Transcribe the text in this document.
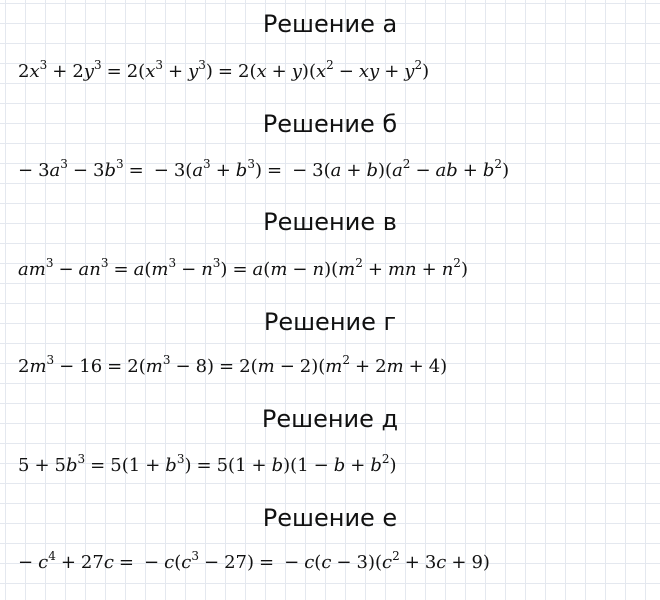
Решение а
$2x^3 + 2y^3 = 2(x^3 + y^3) = 2(x + y)(x^2$ − xy + $y^2$)
Решение б
− $3a^3 - 3b^3$ = − $3(a^3 + b^3)$ = − $3(a + b)(a^2$ − ab + $b^2$)
Решение в
$am^3 - an^3 = a(m^3 - n^3) = a(m - n)(m^2$ + mn + $n^2$)
Решение г
$2m^3 - 16 = 2(m^3 - 8) = 2(m - 2)(m^2 + 2m + 4)$
Решение д
$5 + 5b^3 = 5(1 + b^3) = 5(1 + b)(1 - b + b^2)$
Решение е
− $c^4 + 27c$ = − $c(c^3 - 27)$ = − $c(c - 3)(c^2 + 3c + 9)$
